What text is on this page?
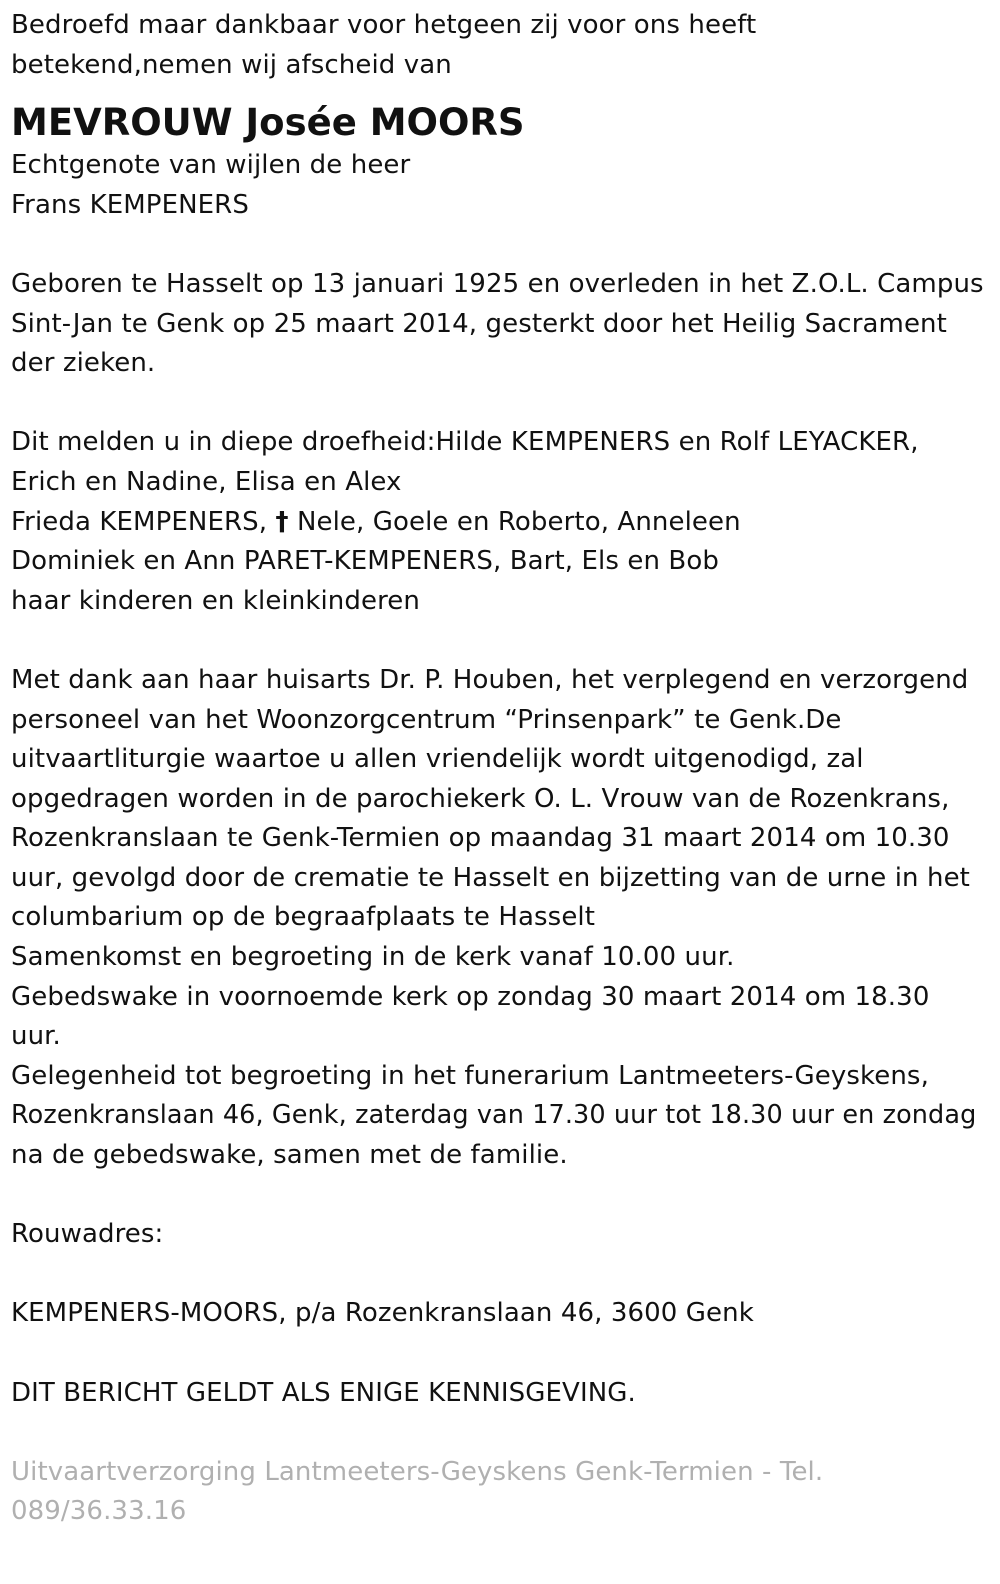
Bedroefd maar dankbaar voor hetgeen zij voor ons heeft
betekend,nemen wij afscheid van
MEVROUW Josée MOORS
Echtgenote van wijlen de heer
Frans KEMPENERS
Geboren te Hasselt op 13 januari 1925 en overleden in het Z.O.L. Campus
Sint-Jan te Genk op 25 maart 2014, gesterkt door het Heilig Sacrament
der zieken.
Dit melden u in diepe droefheid:Hilde KEMPENERS en Rolf LEYACKER,
Erich en Nadine, Elisa en Alex
Frieda KEMPENERS, † Nele, Goele en Roberto, Anneleen
Dominiek en Ann PARET-KEMPENERS, Bart, Els en Bob
haar kinderen en kleinkinderen
Met dank aan haar huisarts Dr. P. Houben, het verplegend en verzorgend
personeel van het Woonzorgcentrum “Prinsenpark” te Genk.De
uitvaartliturgie waartoe u allen vriendelijk wordt uitgenodigd, zal
opgedragen worden in de parochiekerk O. L. Vrouw van de Rozenkrans,
Rozenkranslaan te Genk-Termien op maandag 31 maart 2014 om 10.30
uur, gevolgd door de crematie te Hasselt en bijzetting van de urne in het
columbarium op de begraafplaats te Hasselt
Samenkomst en begroeting in de kerk vanaf 10.00 uur.
Gebedswake in voornoemde kerk op zondag 30 maart 2014 om 18.30
uur.
Gelegenheid tot begroeting in het funerarium Lantmeeters-Geyskens,
Rozenkranslaan 46, Genk, zaterdag van 17.30 uur tot 18.30 uur en zondag
na de gebedswake, samen met de familie.
Rouwadres:
KEMPENERS-MOORS, p/a Rozenkranslaan 46, 3600 Genk
DIT BERICHT GELDT ALS ENIGE KENNISGEVING.
Uitvaartverzorging Lantmeeters-Geyskens Genk-Termien - Tel.
089/36.33.16
